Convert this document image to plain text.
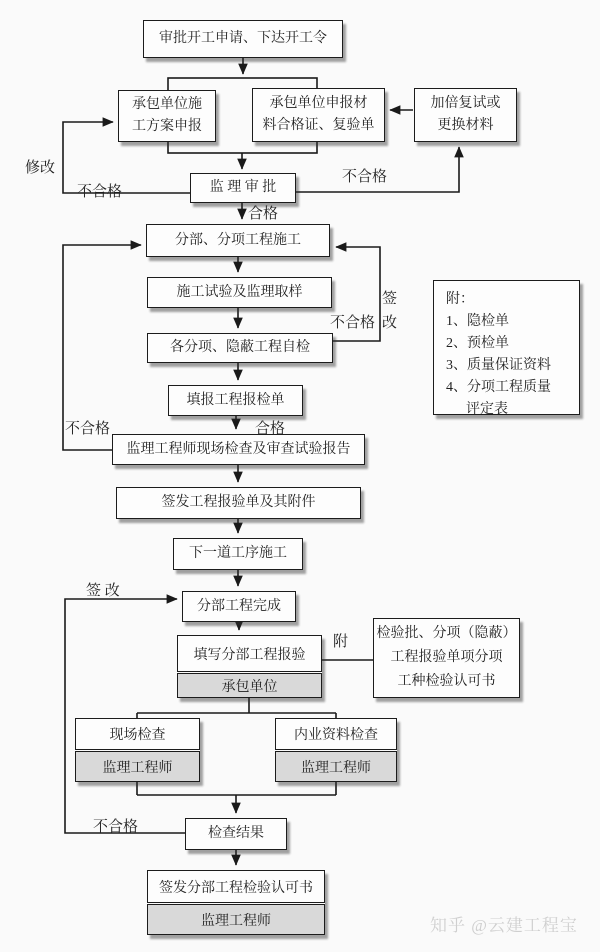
审批开工申请、下达开工令
承包单位施
工方案申报
承包单位申报材
料合格证、复验单
加倍复试或
更换材料
监 理 审 批
分部、分项工程施工
施工试验及监理取样
各分项、隐蔽工程自检
填报工程报检单
监理工程师现场检查及审查试验报告
签发工程报验单及其附件
下一道工序施工
分部工程完成
填写分部工程报验
承包单位
现场检查
监理工程师
内业资料检查
监理工程师
检查结果
签发分部工程检验认可书
监理工程师
附：
1、隐检单
2、预检单
3、质量保证资料
4、分项工程质量
评定表
检验批、分项（隐蔽）
工程报验单项分项
工种检验认可书
修改
不合格
不合格
合格
不合格
签
改
不合格	合格
签 改
附
不合格
知乎 @云建工程宝
